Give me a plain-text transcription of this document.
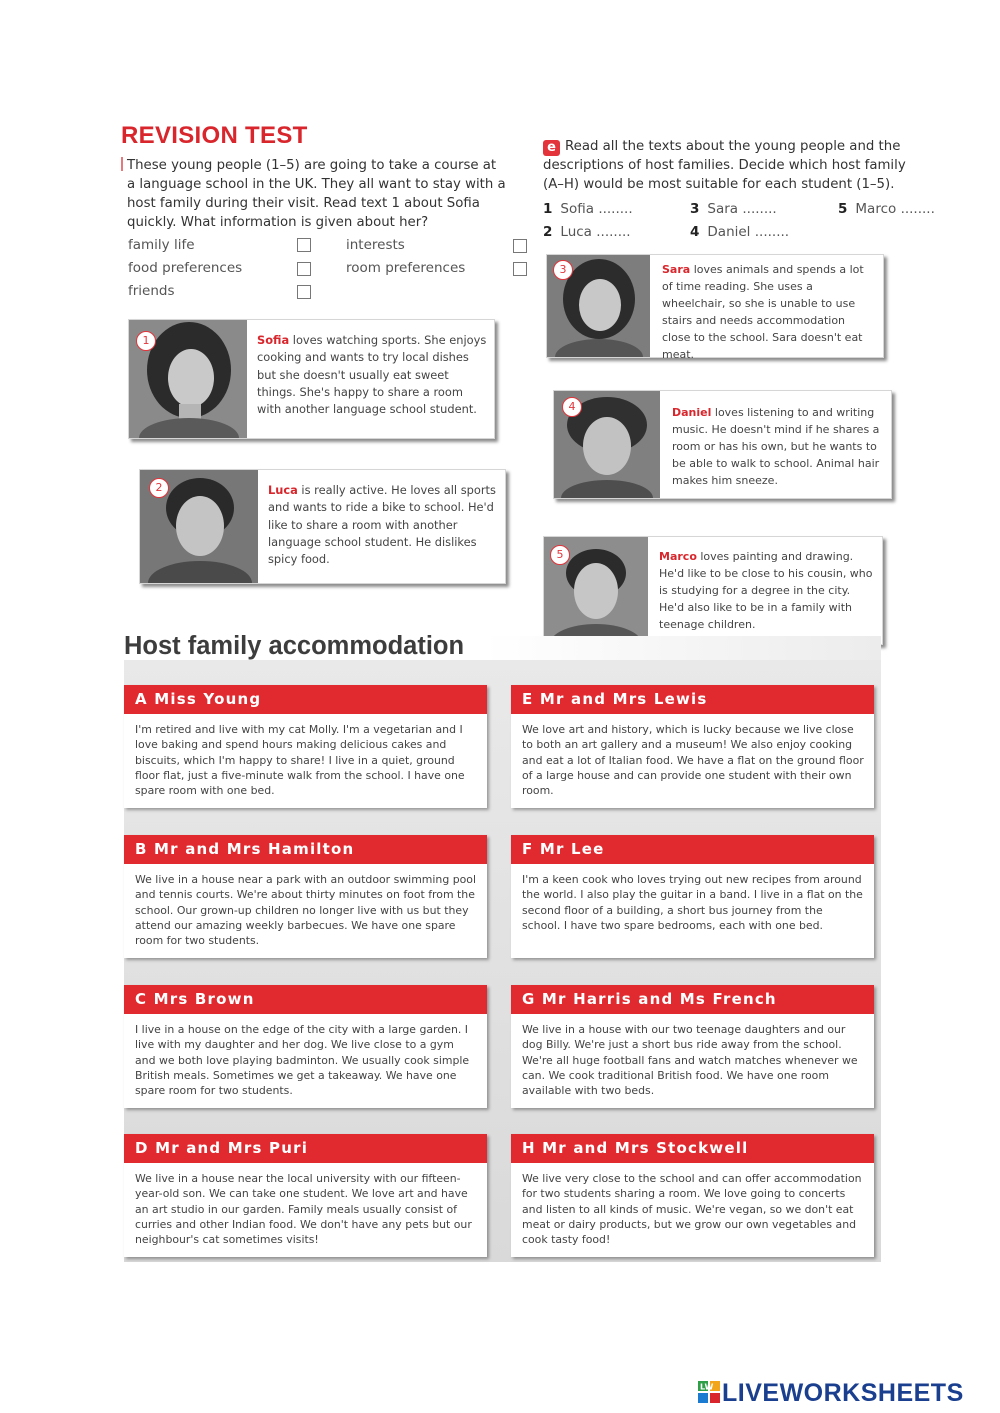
REVISION TEST
These young people (1–5) are going to take a course at a language school in the UK. They all want to stay with a host family during their visit. Read text 1 about Sofia quickly. What information is given about her?
family life
food preferences
friends
interests
room preferences
e Read all the texts about the young people and the descriptions of host families. Decide which host family (A–H) would be most suitable for each student (1–5).
1 Sofia ........	3 Sara ........	5 Marco ........
2 Luca ........	4 Daniel ........
1	Sofia loves watching sports. She enjoys cooking and wants to try local dishes but she doesn't usually eat sweet things. She's happy to share a room with another language school student.
2	Luca is really active. He loves all sports and wants to ride a bike to school. He'd like to share a room with another language school student. He dislikes spicy food.
3	Sara loves animals and spends a lot of time reading. She uses a wheelchair, so she is unable to use stairs and needs accommodation close to the school. Sara doesn't eat meat.
4	Daniel loves listening to and writing music. He doesn't mind if he shares a room or has his own, but he wants to be able to walk to school. Animal hair makes him sneeze.
5	Marco loves painting and drawing. He'd like to be close to his cousin, who is studying for a degree in the city. He'd also like to be in a family with teenage children.
Host family accommodation
A Miss Young
I'm retired and live with my cat Molly. I'm a vegetarian and I love baking and spend hours making delicious cakes and biscuits, which I'm happy to share! I live in a quiet, ground floor flat, just a five-minute walk from the school. I have one spare room with one bed.
E Mr and Mrs Lewis
We love art and history, which is lucky because we live close to both an art gallery and a museum! We also enjoy cooking and eat a lot of Italian food. We have a flat on the ground floor of a large house and can provide one student with their own room.
B Mr and Mrs Hamilton
We live in a house near a park with an outdoor swimming pool and tennis courts. We're about thirty minutes on foot from the school. Our grown-up children no longer live with us but they attend our amazing weekly barbecues. We have one spare room for two students.
F Mr Lee
I'm a keen cook who loves trying out new recipes from around the world. I also play the guitar in a band. I live in a flat on the second floor of a building, a short bus journey from the school. I have two spare bedrooms, each with one bed.
C Mrs Brown
I live in a house on the edge of the city with a large garden. I live with my daughter and her dog. We live close to a gym and we both love playing badminton. We usually cook simple British meals. Sometimes we get a takeaway. We have one spare room for two students.
G Mr Harris and Ms French
We live in a house with our two teenage daughters and our dog Billy. We're just a short bus ride away from the school. We're all huge football fans and watch matches whenever we can. We cook traditional British food. We have one room available with two beds.
D Mr and Mrs Puri
We live in a house near the local university with our fifteen-year-old son. We can take one student. We love art and have an art studio in our garden. Family meals usually consist of curries and other Indian food. We don't have any pets but our neighbour's cat sometimes visits!
H Mr and Mrs Stockwell
We live very close to the school and can offer accommodation for two students sharing a room. We love going to concerts and listen to all kinds of music. We're vegan, so we don't eat meat or dairy products, but we grow our own vegetables and cook tasty food!
LW LIVEWORKSHEETS
